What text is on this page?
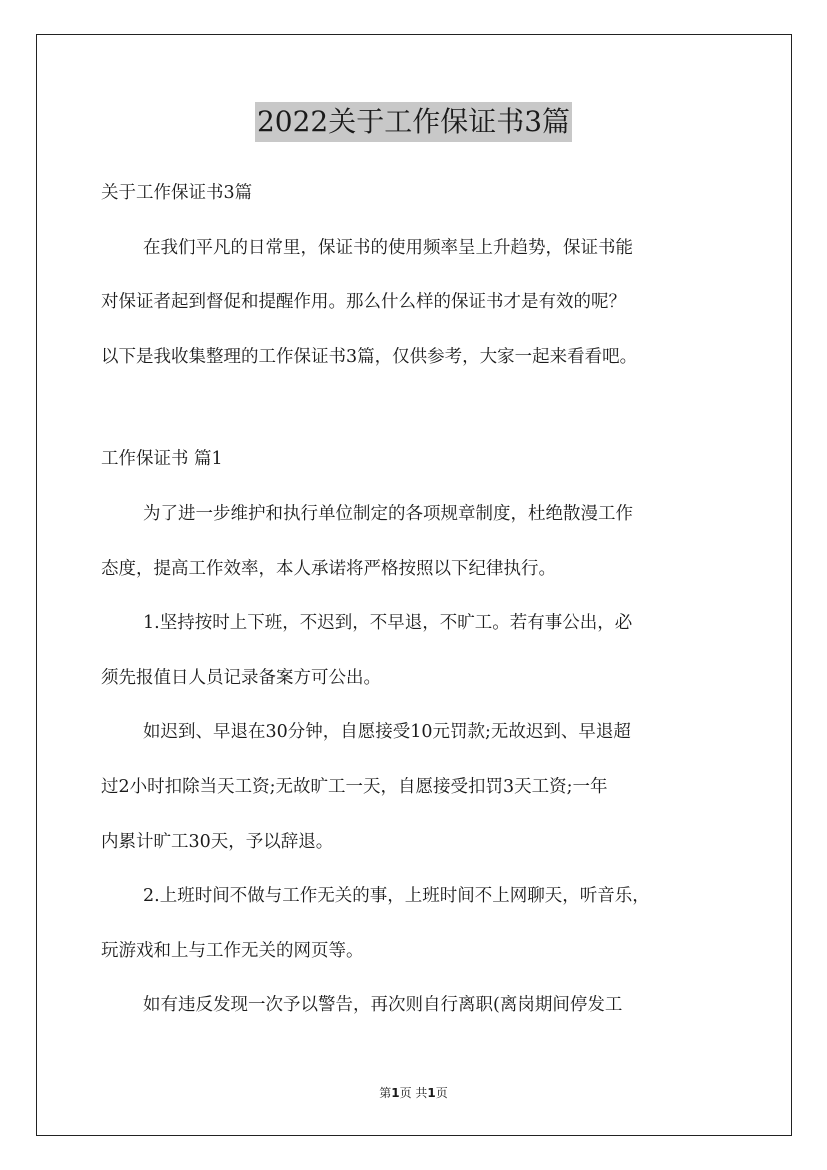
2022关于工作保证书3篇
关于工作保证书3篇
在我们平凡的日常里，保证书的使用频率呈上升趋势，保证书能
对保证者起到督促和提醒作用。那么什么样的保证书才是有效的呢？
以下是我收集整理的工作保证书3篇，仅供参考，大家一起来看看吧。
工作保证书 篇1
为了进一步维护和执行单位制定的各项规章制度，杜绝散漫工作
态度，提高工作效率，本人承诺将严格按照以下纪律执行。
1.坚持按时上下班，不迟到，不早退，不旷工。若有事公出，必
须先报值日人员记录备案方可公出。
如迟到、早退在30分钟，自愿接受10元罚款;无故迟到、早退超
过2小时扣除当天工资;无故旷工一天，自愿接受扣罚3天工资;一年
内累计旷工30天，予以辞退。
2.上班时间不做与工作无关的事，上班时间不上网聊天，听音乐，
玩游戏和上与工作无关的网页等。
如有违反发现一次予以警告，再次则自行离职(离岗期间停发工
第1页 共1页
